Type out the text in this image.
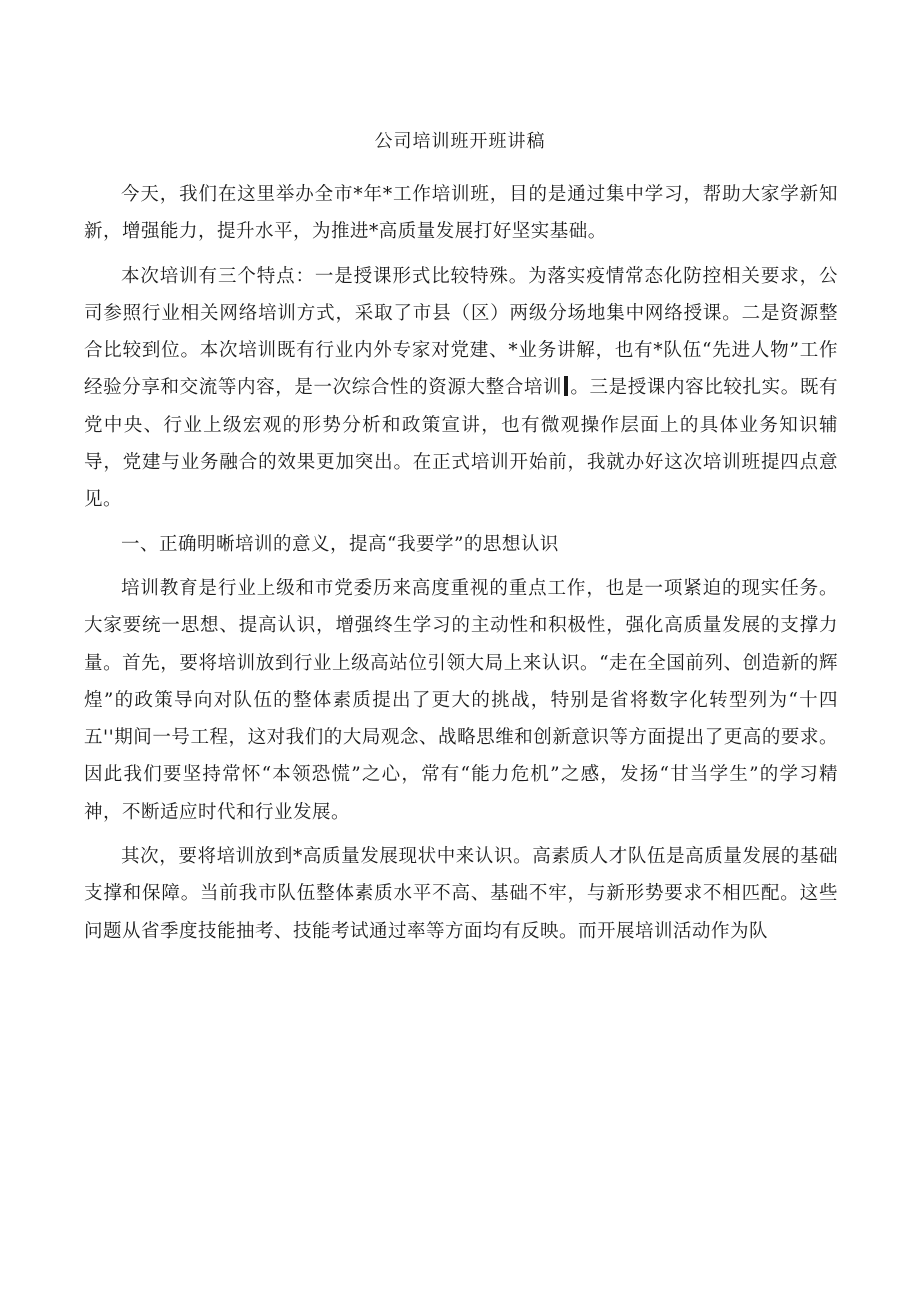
公司培训班开班讲稿

今天，我们在这里举办全市*年*工作培训班，目的是通过集中学习，帮助大家学新知新，增强能力，提升水平，为推进*高质量发展打好坚实基础。

本次培训有三个特点：一是授课形式比较特殊。为落实疫情常态化防控相关要求，公司参照行业相关网络培训方式，采取了市县（区）两级分场地集中网络授课。二是资源整合比较到位。本次培训既有行业内外专家对党建、*业务讲解，也有*队伍“先进人物”工作经验分享和交流等内容，是一次综合性的资源大整合培训 。三是授课内容比较扎实。既有党中央、行业上级宏观的形势分析和政策宣讲，也有微观操作层面上的具体业务知识辅导，党建与业务融合的效果更加突出。在正式培训开始前，我就办好这次培训班提四点意见。

一、正确明晰培训的意义，提高“我要学”的思想认识

培训教育是行业上级和市党委历来高度重视的重点工作，也是一项紧迫的现实任务。大家要统一思想、提高认识，增强终生学习的主动性和积极性，强化高质量发展的支撑力量。首先，要将培训放到行业上级高站位引领大局上来认识。“走在全国前列、创造新的辉煌”的政策导向对队伍的整体素质提出了更大的挑战，特别是省将数字化转型列为“十四五''期间一号工程，这对我们的大局观念、战略思维和创新意识等方面提出了更高的要求。因此我们要坚持常怀“本领恐慌”之心，常有“能力危机”之感，发扬“甘当学生”的学习精神，不断适应时代和行业发展。

其次，要将培训放到*高质量发展现状中来认识。高素质人才队伍是高质量发展的基础支撑和保障。当前我市队伍整体素质水平不高、基础不牢，与新形势要求不相匹配。这些问题从省季度技能抽考、技能考试通过率等方面均有反映。而开展培训活动作为队
